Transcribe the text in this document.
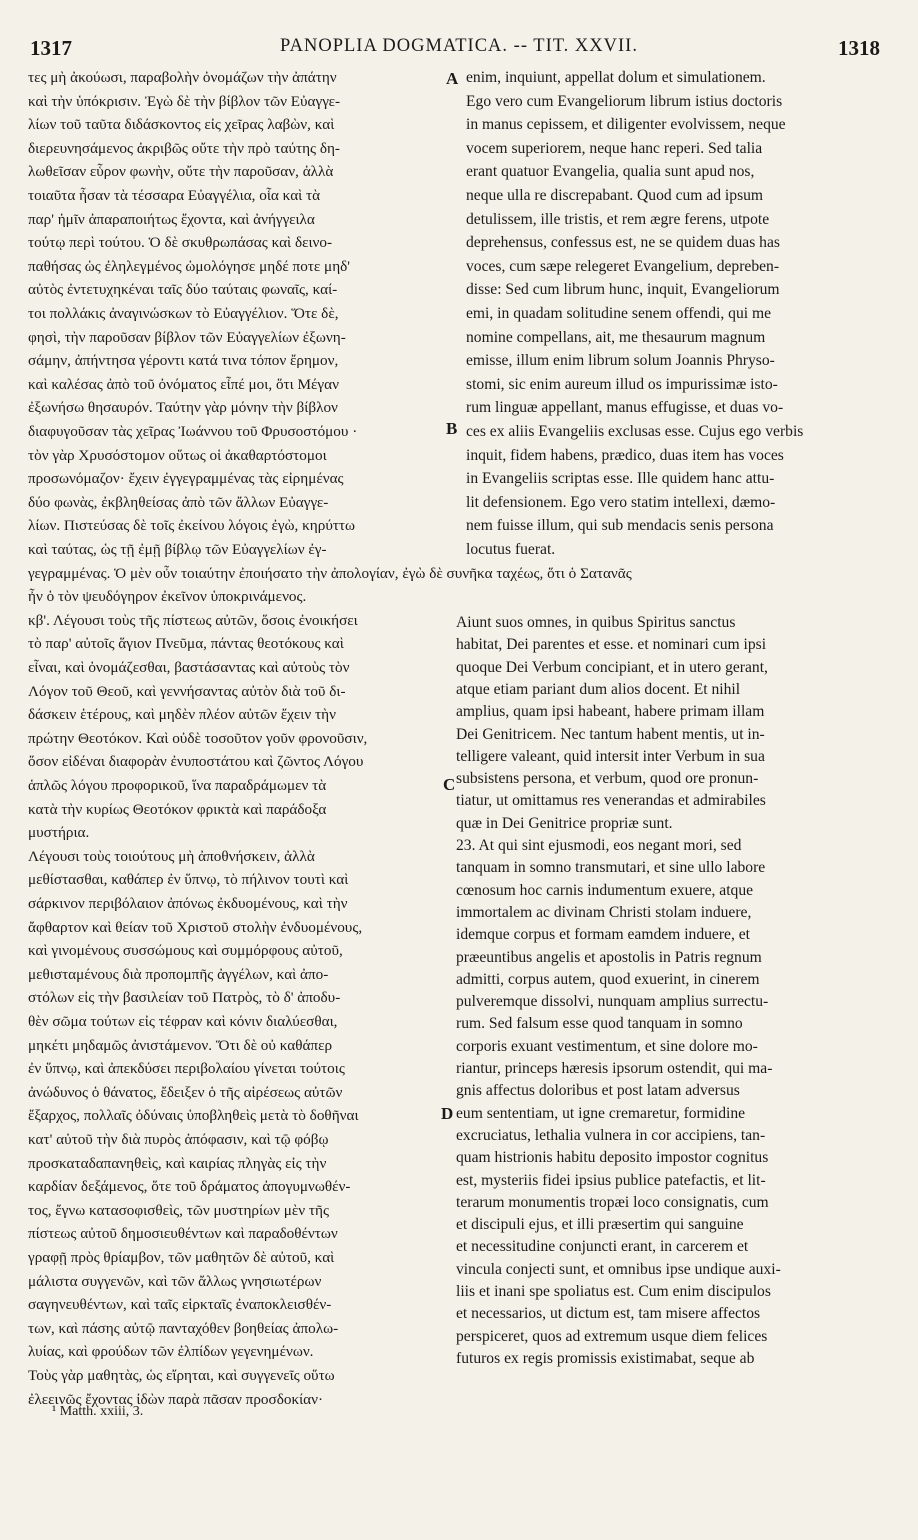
1317	PANOPLIA DOGMATICA. -- TIT. XXVII.	1318
τες μὴ ἀκούωσι, παραβολὴν ὀνομάζων τὴν ἀπάτην
καὶ τὴν ὑπόκρισιν. Ἐγὼ δὲ τὴν βίβλον τῶν Εὐαγγε-
λίων τοῦ ταῦτα διδάσκοντος εἰς χεῖρας λαβὼν, καὶ
διερευνησάμενος ἀκριβῶς οὔτε τὴν πρὸ ταύτης δη-
λωθεῖσαν εὗρον φωνὴν, οὔτε τὴν παροῦσαν, ἀλλὰ
τοιαῦτα ἦσαν τὰ τέσσαρα Εὐαγγέλια, οἷα καὶ τὰ
παρ' ἡμῖν ἀπαραποιήτως ἔχοντα, καὶ ἀνήγγειλα
τούτῳ περὶ τούτου. Ὁ δὲ σκυθρωπάσας καὶ δεινο-
παθήσας ὡς ἐληλεγμένος ὡμολόγησε μηδέ ποτε μηδ'
αὐτὸς ἐντετυχηκέναι ταῖς δύο ταύταις φωναῖς, καί-
τοι πολλάκις ἀναγινώσκων τὸ Εὐαγγέλιον. Ὅτε δὲ,
φησὶ, τὴν παροῦσαν βίβλον τῶν Εὐαγγελίων ἐξωνη-
σάμην, ἀπήντησα γέροντι κατά τινα τόπον ἔρημον,
καὶ καλέσας ἀπὸ τοῦ ὀνόματος εἶπέ μοι, ὅτι Μέγαν
ἐξωνήσω θησαυρόν. Ταύτην γὰρ μόνην τὴν βίβλον
διαφυγοῦσαν τὰς χεῖρας Ἰωάννου τοῦ Φρυσοστόμου ·
τὸν γὰρ Χρυσόστομον οὕτως οἱ ἀκαθαρτόστομοι
προσωνόμαζον· ἔχειν ἐγγεγραμμένας τὰς εἰρημένας
δύο φωνὰς, ἐκβληθείσας ἀπὸ τῶν ἄλλων Εὐαγγε-
λίων. Πιστεύσας δὲ τοῖς ἐκείνου λόγοις ἐγὼ, κηρύττω
καὶ ταύτας, ὡς τῇ ἐμῇ βίβλῳ τῶν Εὐαγγελίων ἐγ-
γεγραμμένας. Ὁ μὲν οὖν τοιαύτην ἐποιήσατο τὴν ἀπολογίαν, ἐγὼ δὲ συνῆκα ταχέως, ὅτι ὁ Σατανᾶς
ἦν ὁ τὸν ψευδόγηρον ἐκεῖνον ὑποκρινάμενος.
κβ'. Λέγουσι τοὺς τῆς πίστεως αὐτῶν, ὅσοις ἐνοικήσει
τὸ παρ' αὐτοῖς ἅγιον Πνεῦμα, πάντας θεοτόκους καὶ
εἶναι, καὶ ὀνομάζεσθαι, βαστάσαντας καὶ αὐτοὺς τὸν
Λόγον τοῦ Θεοῦ, καὶ γεννήσαντας αὐτὸν διὰ τοῦ δι-
δάσκειν ἑτέρους, καὶ μηδὲν πλέον αὐτῶν ἔχειν τὴν
πρώτην Θεοτόκον. Καὶ οὐδὲ τοσοῦτον γοῦν φρονοῦσιν,
ὅσον εἰδέναι διαφορὰν ἐνυποστάτου καὶ ζῶντος Λόγου
ἁπλῶς λόγου προφορικοῦ, ἵνα παραδράμωμεν τὰ
κατὰ τὴν κυρίως Θεοτόκον φρικτὰ καὶ παράδοξα
μυστήρια.
Λέγουσι τοὺς τοιούτους μὴ ἀποθνήσκειν, ἀλλὰ
μεθίστασθαι, καθάπερ ἐν ὕπνῳ, τὸ πήλινον τουτὶ καὶ
σάρκινον περιβόλαιον ἀπόνως ἐκδυομένους, καὶ τὴν
ἄφθαρτον καὶ θείαν τοῦ Χριστοῦ στολὴν ἐνδυομένους,
καὶ γινομένους συσσώμους καὶ συμμόρφους αὐτοῦ,
μεθισταμένους διὰ προπομπῆς ἀγγέλων, καὶ ἀπο-
στόλων εἰς τὴν βασιλείαν τοῦ Πατρὸς, τὸ δ' ἀποδυ-
θὲν σῶμα τούτων εἰς τέφραν καὶ κόνιν διαλύεσθαι,
μηκέτι μηδαμῶς ἀνιστάμενον. Ὅτι δὲ οὐ καθάπερ
ἐν ὕπνῳ, καὶ ἀπεκδύσει περιβολαίου γίνεται τούτοις
ἀνώδυνος ὁ θάνατος, ἔδειξεν ὁ τῆς αἱρέσεως αὐτῶν
ἔξαρχος, πολλαῖς ὀδύναις ὑποβληθεὶς μετὰ τὸ δοθῆναι
κατ' αὐτοῦ τὴν διὰ πυρὸς ἀπόφασιν, καὶ τῷ φόβῳ
προσκαταδαπανηθεὶς, καὶ καιρίας πληγὰς εἰς τὴν
καρδίαν δεξάμενος, ὅτε τοῦ δράματος ἀπογυμνωθέν-
τος, ἔγνω κατασοφισθεὶς, τῶν μυστηρίων μὲν τῆς
πίστεως αὐτοῦ δημοσιευθέντων καὶ παραδοθέντων
γραφῇ πρὸς θρίαμβον, τῶν μαθητῶν δὲ αὐτοῦ, καὶ
μάλιστα συγγενῶν, καὶ τῶν ἄλλως γνησιωτέρων
σαγηνευθέντων, καὶ ταῖς εἱρκταῖς ἐναποκλεισθέν-
των, καὶ πάσης αὐτῷ πανταχόθεν βοηθείας ἀπολω-
λυίας, καὶ φρούδων τῶν ἐλπίδων γεγενημένων.
Τοὺς γὰρ μαθητὰς, ὡς εἴρηται, καὶ συγγενεῖς οὕτω
ἐλεεινῶς ἔχοντας ἰδὼν παρὰ πᾶσαν προσδοκίαν·
enim, inquiunt, appellat dolum et simulationem.
Ego vero cum Evangeliorum librum istius doctoris
in manus cepissem, et diligenter evolvissem, neque
vocem superiorem, neque hanc reperi. Sed talia
erant quatuor Evangelia, qualia sunt apud nos,
neque ulla re discrepabant. Quod cum ad ipsum
detulissem, ille tristis, et rem ægre ferens, utpote
deprehensus, confessus est, ne se quidem duas has
voces, cum sæpe relegeret Evangelium, depreben-
disse: Sed cum librum hunc, inquit, Evangeliorum
emi, in quadam solitudine senem offendi, qui me
nomine compellans, ait, me thesaurum magnum
emisse, illum enim librum solum Joannis Phryso-
stomi, sic enim aureum illud os impurissimæ isto-
rum linguæ appellant, manus effugisse, et duas vo-
ces ex aliis Evangeliis exclusas esse. Cujus ego verbis
inquit, fidem habens, prædico, duas item has voces
in Evangeliis scriptas esse. Ille quidem hanc attu-
lit defensionem. Ego vero statim intellexi, dæmo-
nem fuisse illum, qui sub mendacis senis persona
locutus fuerat.
Aiunt suos omnes, in quibus Spiritus sanctus
habitat, Dei parentes et esse. et nominari cum ipsi
quoque Dei Verbum concipiant, et in utero gerant,
atque etiam pariant dum alios docent. Et nihil
amplius, quam ipsi habeant, habere primam illam
Dei Genitricem. Nec tantum habent mentis, ut in-
telligere valeant, quid intersit inter Verbum in sua
subsistens persona, et verbum, quod ore pronun-
tiatur, ut omittamus res venerandas et admirabiles
quæ in Dei Genitrice propriæ sunt.
23. At qui sint ejusmodi, eos negant mori, sed
tanquam in somno transmutari, et sine ullo labore
cœnosum hoc carnis indumentum exuere, atque
immortalem ac divinam Christi stolam induere,
idemque corpus et formam eamdem induere, et
præeuntibus angelis et apostolis in Patris regnum
admitti, corpus autem, quod exuerint, in cinerem
pulveremque dissolvi, nunquam amplius surrectu-
rum. Sed falsum esse quod tanquam in somno
corporis exuant vestimentum, et sine dolore mo-
riantur, princeps hæresis ipsorum ostendit, qui ma-
gnis affectus doloribus et post latam adversus
eum sententiam, ut igne cremaretur, formidine
excruciatus, lethalia vulnera in cor accipiens, tan-
quam histrionis habitu deposito impostor cognitus
est, mysteriis fidei ipsius publice patefactis, et lit-
terarum monumentis tropæi loco consignatis, cum
et discipuli ejus, et illi præsertim qui sanguine
et necessitudine conjuncti erant, in carcerem et
vincula conjecti sunt, et omnibus ipse undique auxi-
liis et inani spe spoliatus est. Cum enim discipulos
et necessarios, ut dictum est, tam misere affectos
perspiceret, quos ad extremum usque diem felices
futuros ex regis promissis existimabat, seque ab
A
B
C
D
¹ Matth. xxiii, 3.
